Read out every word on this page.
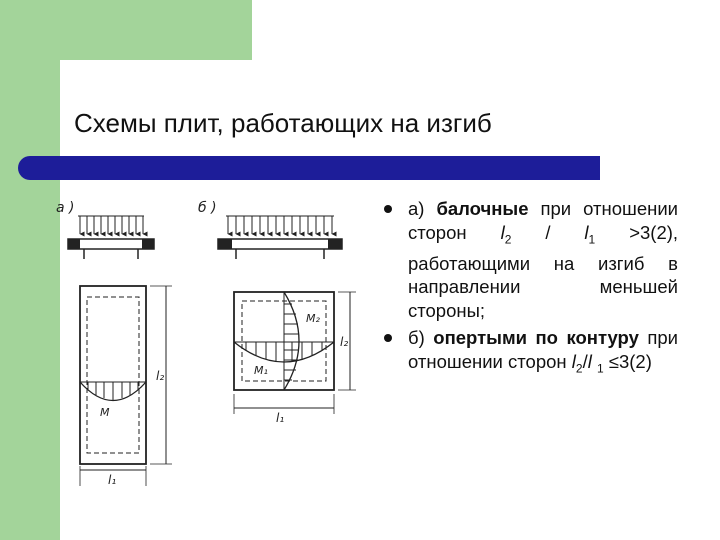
Схемы плит, работающих на изгиб
а )
M
l₂
l₁
б )
M₁
M₂
l₂
l₁
а) балочные при отношении сторон $l_2 / l_1 >3(2)$, работающими на изгиб в направлении меньшей стороны;
б) опертыми по контуру при отношении сторон $l_2/l$ $_1$ ≤3(2)
